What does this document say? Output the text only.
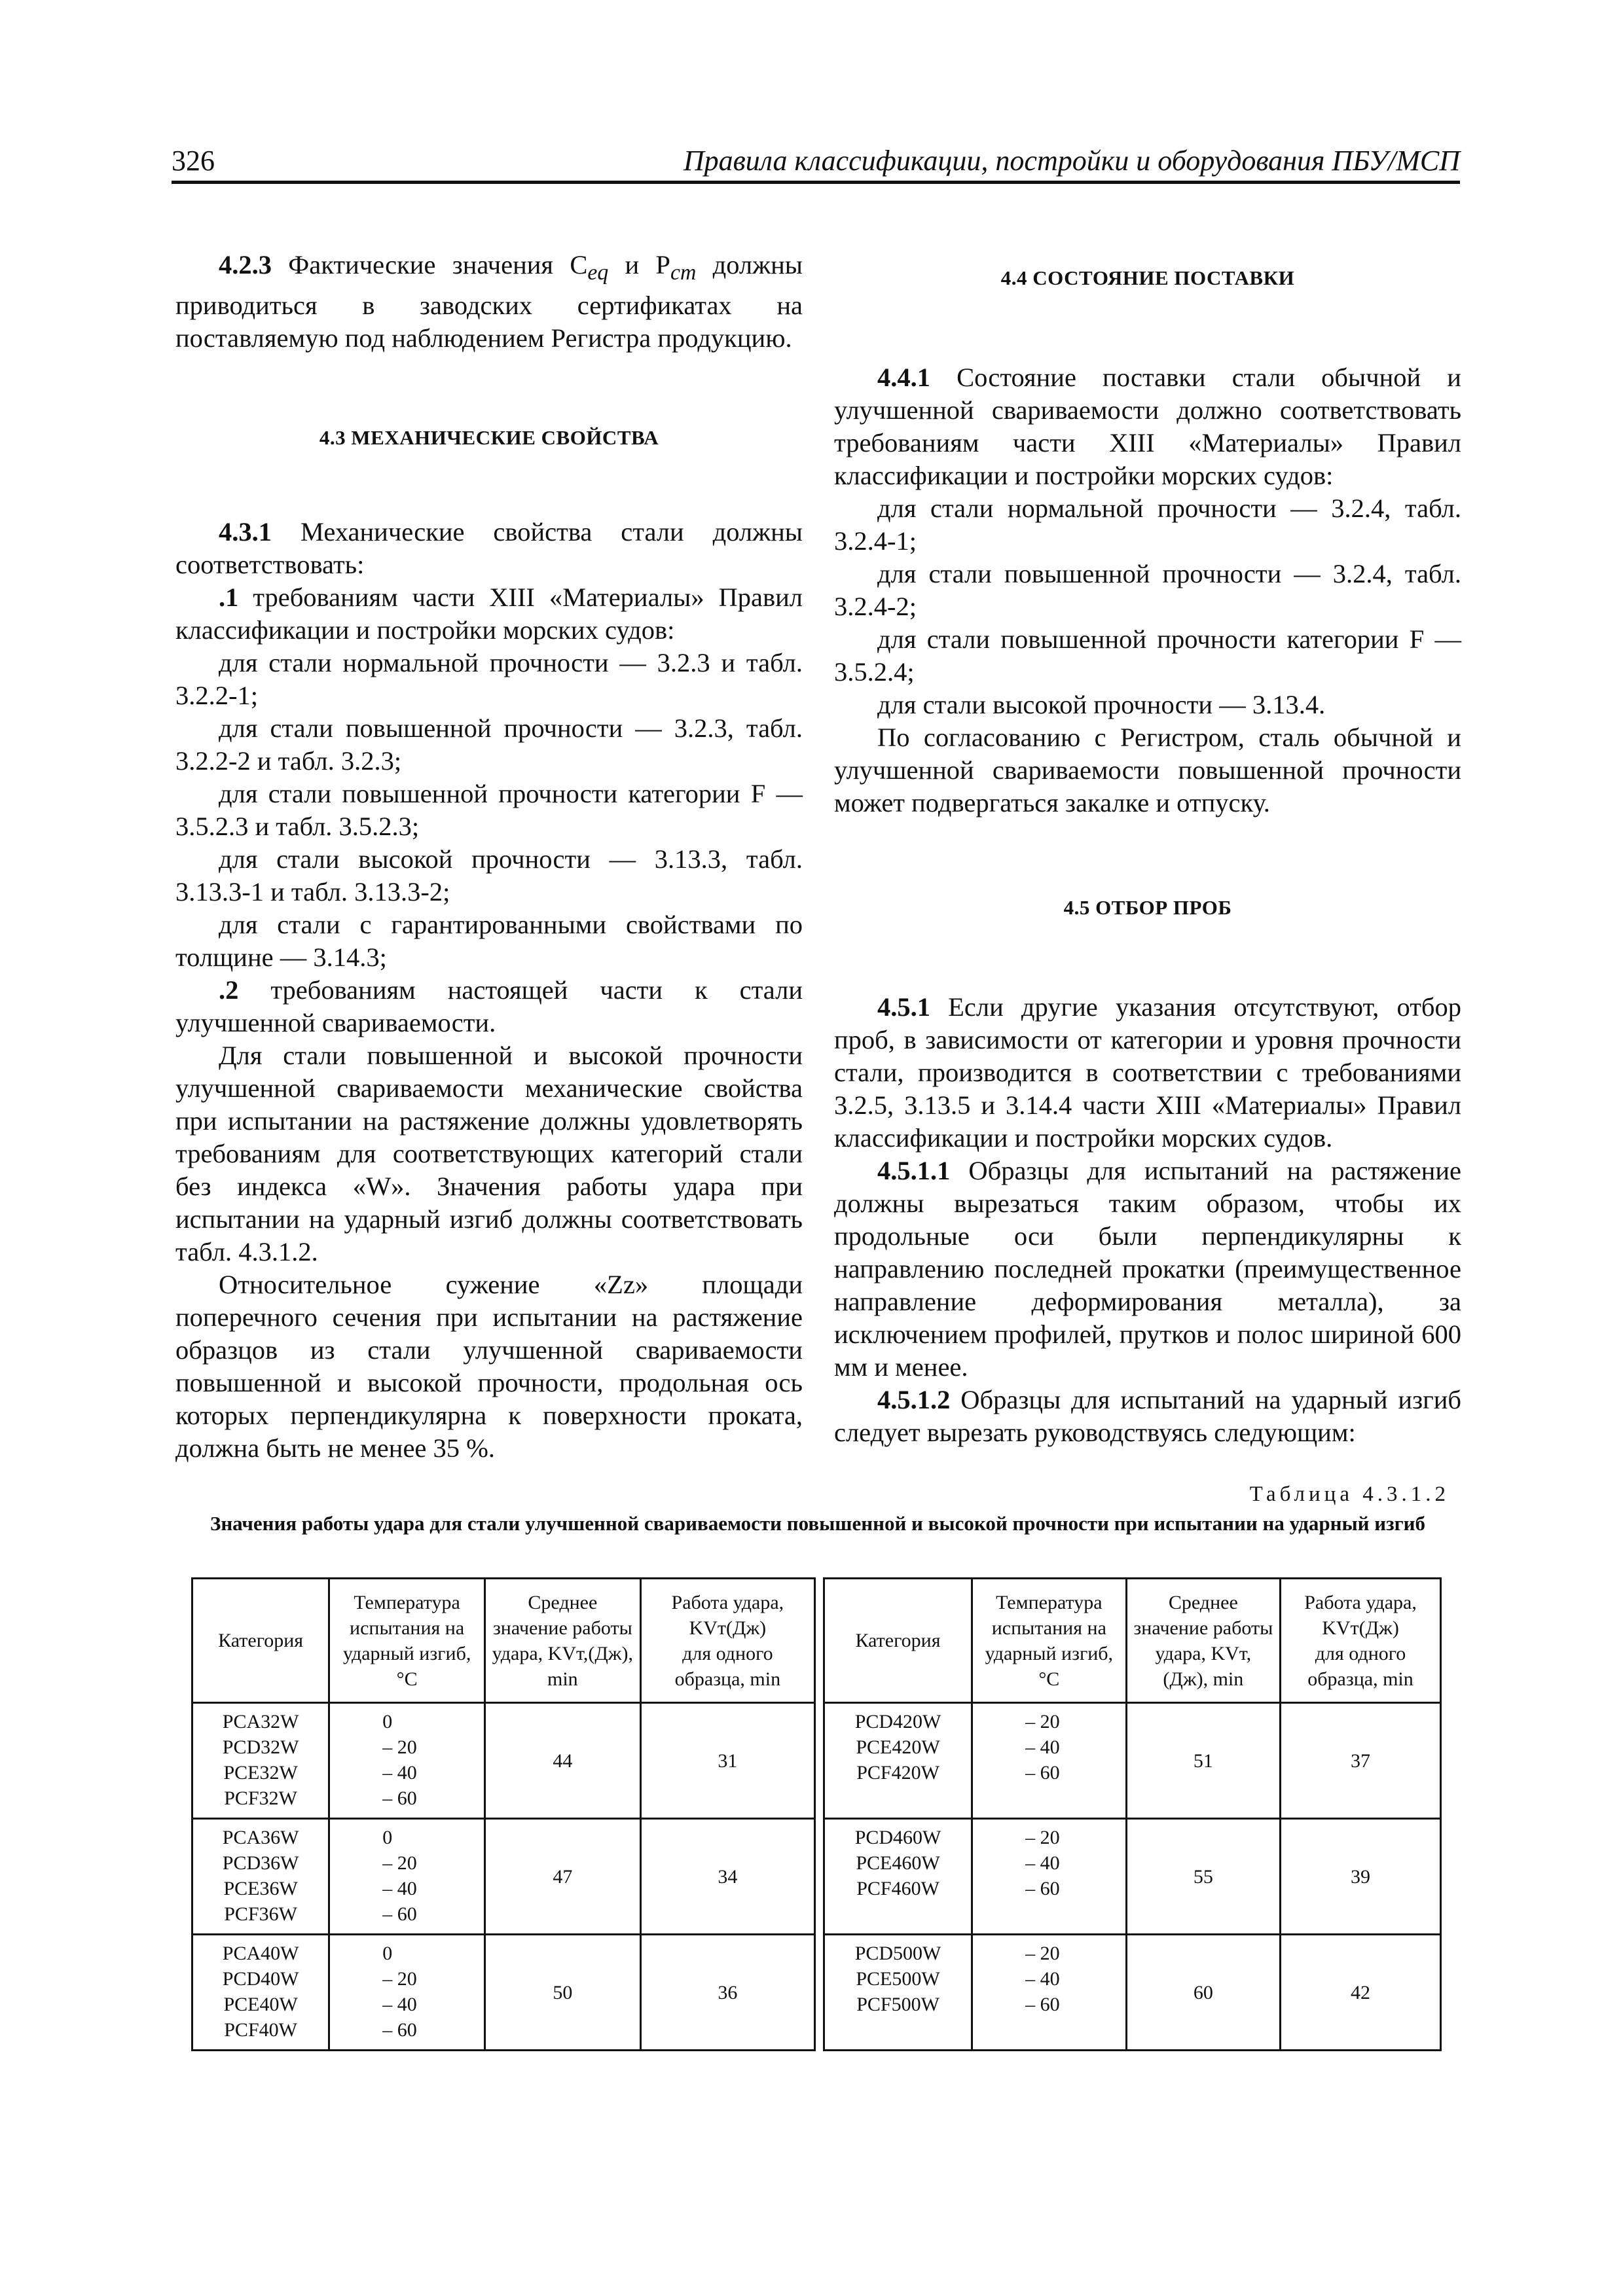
326	Правила классификации, постройки и оборудования ПБУ/МСП

4.2.3 Фактические значения $C_{eq}$ и $P_{cm}$ должны приводиться в заводских сертификатах на поставляемую под наблюдением Регистра продукцию.

4.3 МЕХАНИЧЕСКИЕ СВОЙСТВА

4.3.1 Механические свойства стали должны соответствовать:

.1 требованиям части XIII «Материалы» Правил классификации и постройки морских судов:

для стали нормальной прочности — 3.2.3 и табл. 3.2.2-1;

для стали повышенной прочности — 3.2.3, табл. 3.2.2-2 и табл. 3.2.3;

для стали повышенной прочности категории F — 3.5.2.3 и табл. 3.5.2.3;

для стали высокой прочности — 3.13.3, табл. 3.13.3-1 и табл. 3.13.3-2;

для стали с гарантированными свойствами по толщине — 3.14.3;

.2 требованиям настоящей части к стали улучшенной свариваемости.

Для стали повышенной и высокой прочности улучшенной свариваемости механические свойства при испытании на растяжение должны удовлетворять требованиям для соответствующих категорий стали без индекса «W». Значения работы удара при испытании на ударный изгиб должны соответствовать табл. 4.3.1.2.

Относительное сужение «Zz» площади поперечного сечения при испытании на растяжение образцов из стали улучшенной свариваемости повышенной и высокой прочности, продольная ось которых перпендикулярна к поверхности проката, должна быть не менее 35 %.

4.4 СОСТОЯНИЕ ПОСТАВКИ

4.4.1 Состояние поставки стали обычной и улучшенной свариваемости должно соответствовать требованиям части XIII «Материалы» Правил классификации и постройки морских судов:

для стали нормальной прочности — 3.2.4, табл. 3.2.4-1;

для стали повышенной прочности — 3.2.4, табл. 3.2.4-2;

для стали повышенной прочности категории F — 3.5.2.4;

для стали высокой прочности — 3.13.4.

По согласованию с Регистром, сталь обычной и улучшенной свариваемости повышенной прочности может подвергаться закалке и отпуску.

4.5 ОТБОР ПРОБ

4.5.1 Если другие указания отсутствуют, отбор проб, в зависимости от категории и уровня прочности стали, производится в соответствии с требованиями 3.2.5, 3.13.5 и 3.14.4 части XIII «Материалы» Правил классификации и постройки морских судов.

4.5.1.1 Образцы для испытаний на растяжение должны вырезаться таким образом, чтобы их продольные оси были перпендикулярны к направлению последней прокатки (преимущественное направление деформирования металла), за исключением профилей, прутков и полос шириной 600 мм и менее.

4.5.1.2 Образцы для испытаний на ударный изгиб следует вырезать руководствуясь следующим:

Таблица 4.3.1.2
Значения работы удара для стали улучшенной свариваемости повышенной и высокой прочности при испытании на ударный изгиб
Категория	Температура
испытания на
ударный изгиб,
°С	Среднее
значение работы
удара, KVт,(Дж),
min	Работа удара,
KVт(Дж)
для одного
образца, min

PCA32W
PCD32W
PCE32W
PCF32W	0
– 20
– 40
– 60	44	31

PCA36W
PCD36W
PCE36W
PCF36W	0
– 20
– 40
– 60	47	34

PCA40W
PCD40W
PCE40W
PCF40W	0
– 20
– 40
– 60	50	36
Категория	Температура
испытания на
ударный изгиб,
°С	Среднее
значение работы
удара, KVт,
(Дж), min	Работа удара,
KVт(Дж)
для одного
образца, min

PCD420W
PCE420W
PCF420W	– 20
– 40
– 60	51	37

PCD460W
PCE460W
PCF460W	– 20
– 40
– 60	55	39

PCD500W
PCE500W
PCF500W	– 20
– 40
– 60	60	42
